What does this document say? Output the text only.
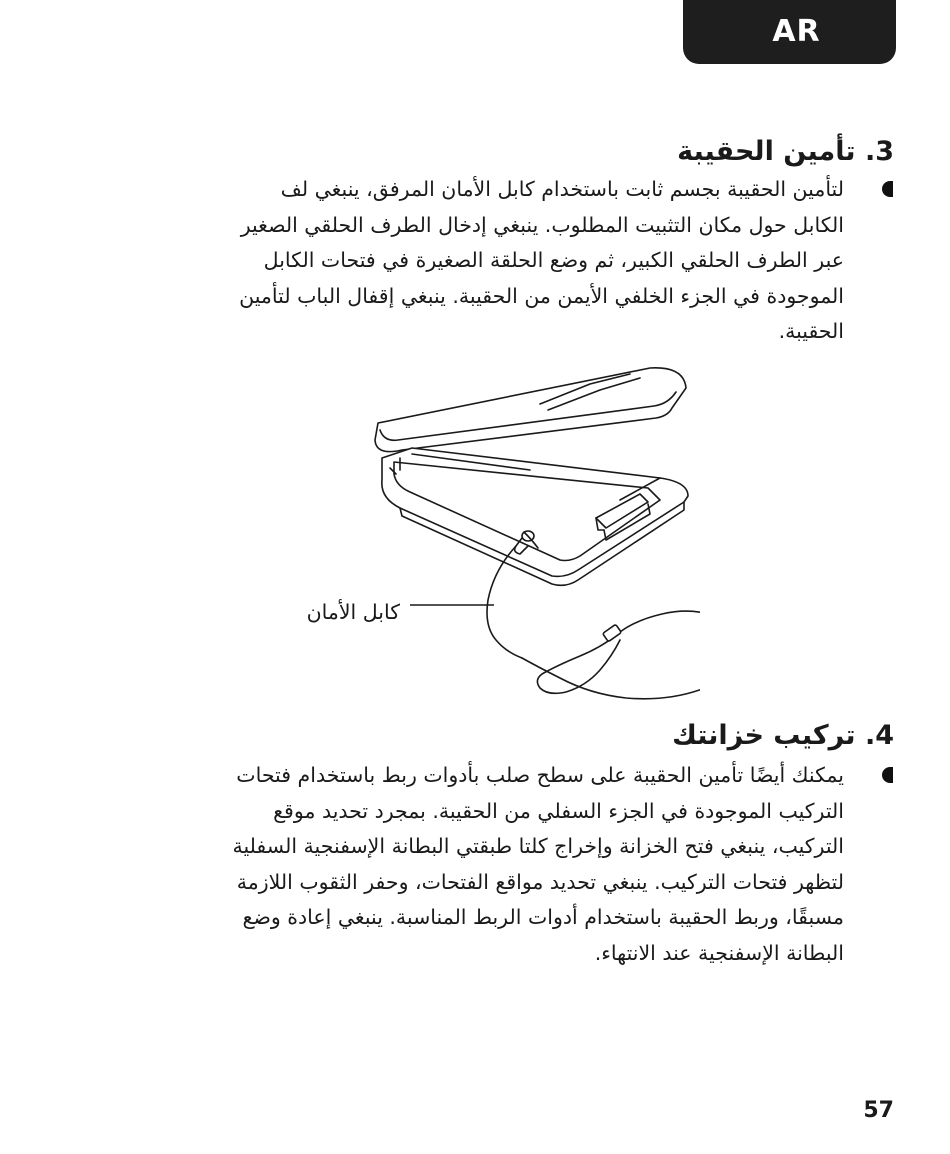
AR
3. تأمين الحقيبة

لتأمين الحقيبة بجسم ثابت باستخدام كابل الأمان المرفق، ينبغي لف
الكابل حول مكان التثبيت المطلوب. ينبغي إدخال الطرف الحلقي الصغير
عبر الطرف الحلقي الكبير، ثم وضع الحلقة الصغيرة في فتحات الكابل
الموجودة في الجزء الخلفي الأيمن من الحقيبة. ينبغي إقفال الباب لتأمين
الحقيبة.

كابل الأمان
4. تركيب خزانتك

يمكنك أيضًا تأمين الحقيبة على سطح صلب بأدوات ربط باستخدام فتحات
التركيب الموجودة في الجزء السفلي من الحقيبة. بمجرد تحديد موقع
التركيب، ينبغي فتح الخزانة وإخراج كلتا طبقتي البطانة الإسفنجية السفلية
لتظهر فتحات التركيب. ينبغي تحديد مواقع الفتحات، وحفر الثقوب اللازمة
مسبقًا، وربط الحقيبة باستخدام أدوات الربط المناسبة. ينبغي إعادة وضع
البطانة الإسفنجية عند الانتهاء.

57
